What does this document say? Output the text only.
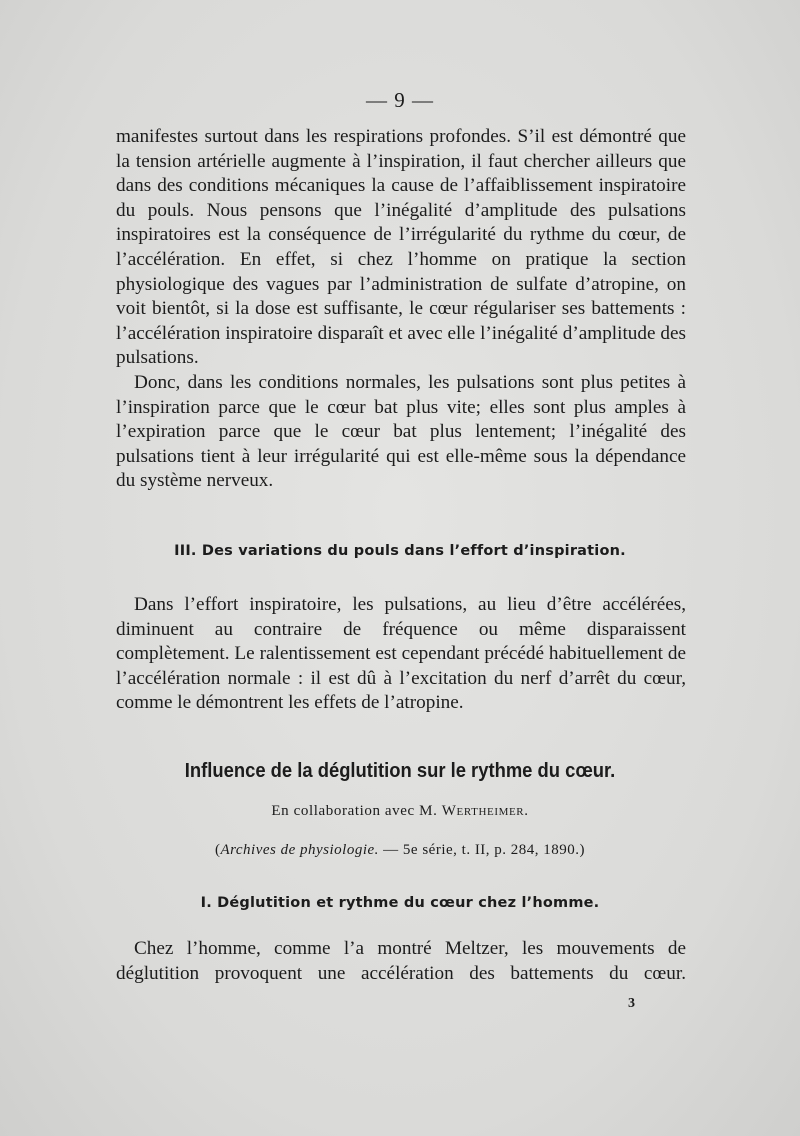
— 9 —

manifestes surtout dans les respirations profondes. S’il est démontré que la tension artérielle augmente à l’inspiration, il faut chercher ailleurs que dans des conditions mécaniques la cause de l’affaiblissement inspiratoire du pouls. Nous pensons que l’inégalité d’amplitude des pulsations inspiratoires est la conséquence de l’irrégularité du rythme du cœur, de l’accélération. En effet, si chez l’homme on pratique la section physiologique des vagues par l’administration de sulfate d’atropine, on voit bientôt, si la dose est suffisante, le cœur régulariser ses battements : l’accélération inspiratoire disparaît et avec elle l’inégalité d’amplitude des pulsations.

Donc, dans les conditions normales, les pulsations sont plus petites à l’inspiration parce que le cœur bat plus vite; elles sont plus amples à l’expiration parce que le cœur bat plus lentement; l’inégalité des pulsations tient à leur irrégularité qui est elle-même sous la dépendance du système nerveux.

III. Des variations du pouls dans l’effort d’inspiration.

Dans l’effort inspiratoire, les pulsations, au lieu d’être accélérées, diminuent au contraire de fréquence ou même disparaissent complètement. Le ralentissement est cependant précédé habituellement de l’accélération normale : il est dû à l’excitation du nerf d’arrêt du cœur, comme le démontrent les effets de l’atropine.

Influence de la déglutition sur le rythme du cœur.
En collaboration avec M. Wertheimer.
(Archives de physiologie. — 5e série, t. II, p. 284, 1890.)
I. Déglutition et rythme du cœur chez l’homme.

Chez l’homme, comme l’a montré Meltzer, les mouvements de déglutition provoquent une accélération des battements du cœur.

3
